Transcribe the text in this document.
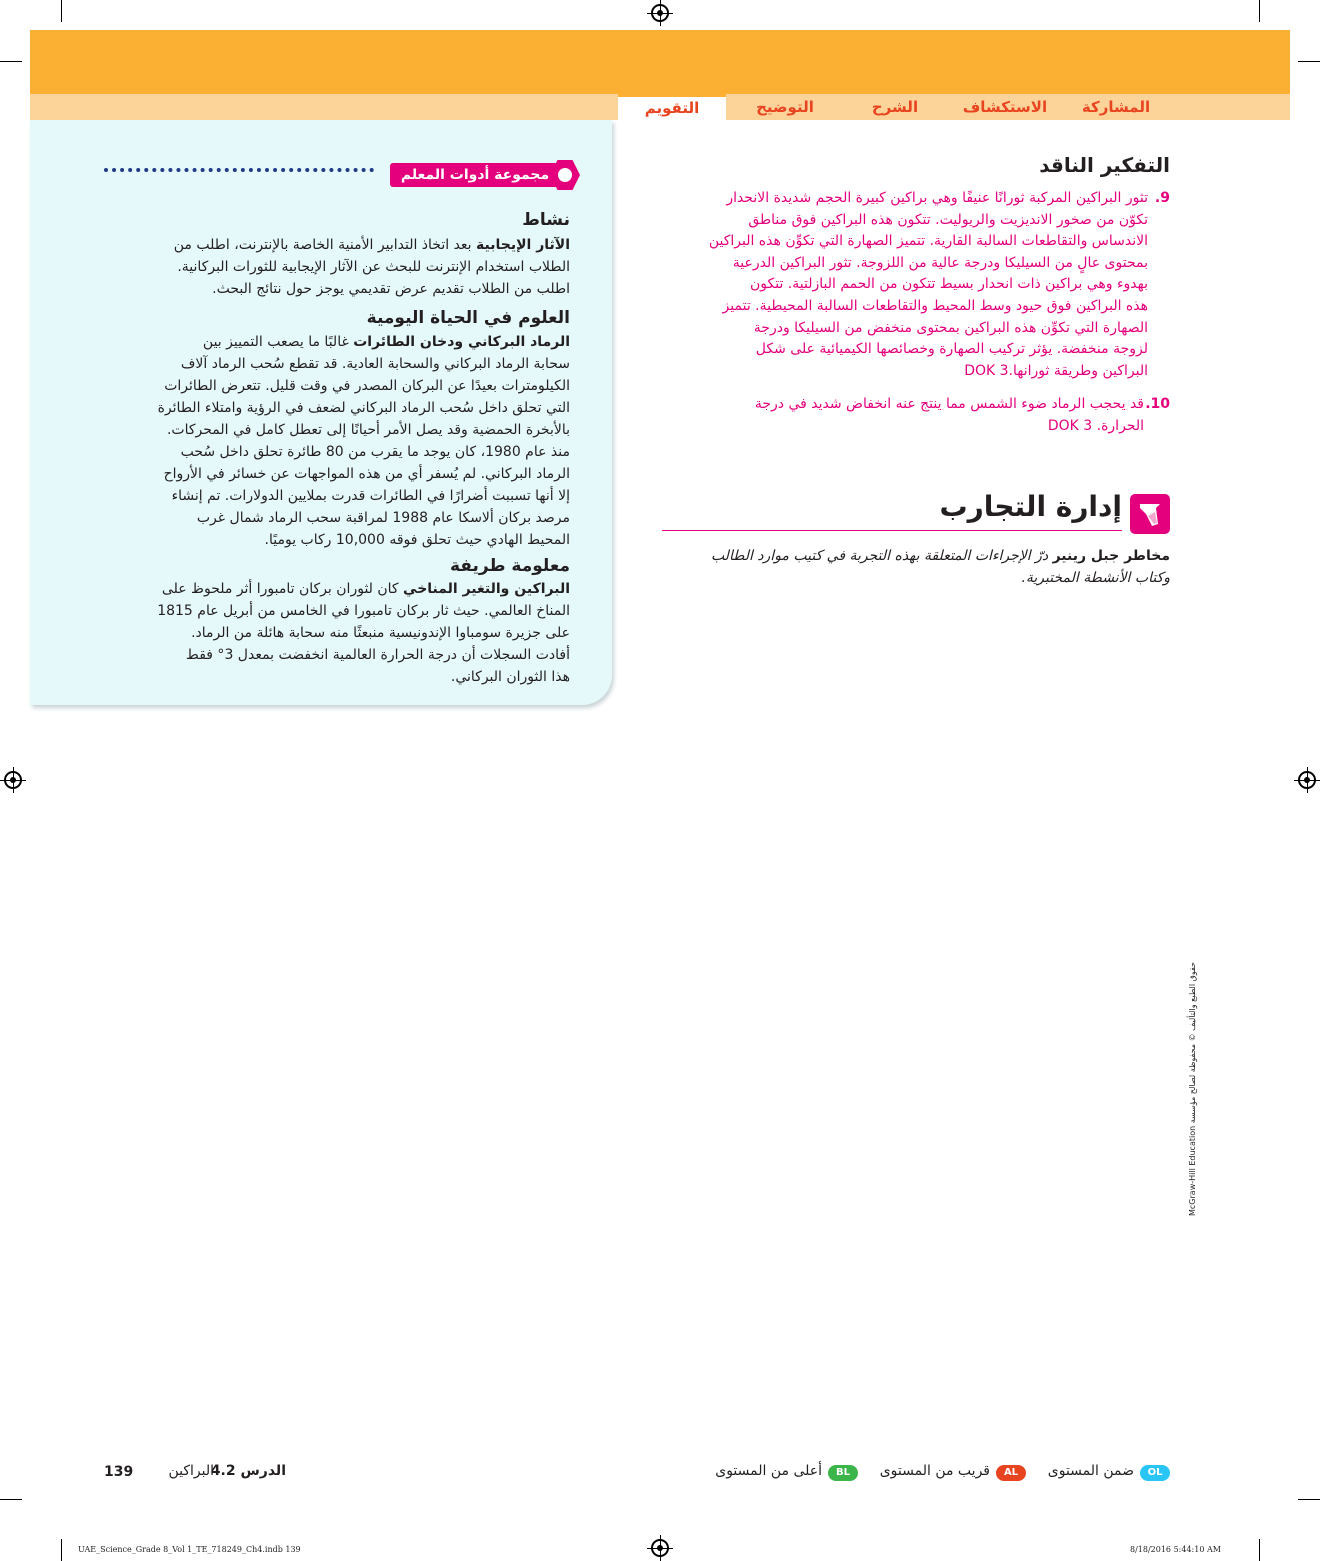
المشاركة
الاستكشاف
الشرح
التوضيح
التقويم
مجموعة أدوات المعلم
نشاط
الآثار الإيجابية بعد اتخاذ التدابير الأمنية الخاصة بالإنترنت، اطلب من
الطلاب استخدام الإنترنت للبحث عن الآثار الإيجابية للثورات البركانية.
اطلب من الطلاب تقديم عرض تقديمي يوجز حول نتائج البحث.
العلوم في الحياة اليومية
الرماد البركاني ودخان الطائرات غالبًا ما يصعب التمييز بين
سحابة الرماد البركاني والسحابة العادية. قد تقطع سُحب الرماد آلاف
الكيلومترات بعيدًا عن البركان المصدر في وقت قليل. تتعرض الطائرات
التي تحلق داخل سُحب الرماد البركاني لضعف في الرؤية وامتلاء الطائرة
بالأبخرة الحمضية وقد يصل الأمر أحيانًا إلى تعطل كامل في المحركات.
منذ عام 1980، كان يوجد ما يقرب من 80 طائرة تحلق داخل سُحب
الرماد البركاني. لم يُسفر أي من هذه المواجهات عن خسائر في الأرواح
إلا أنها تسببت أضرارًا في الطائرات قدرت بملايين الدولارات. تم إنشاء
مرصد بركان ألاسكا عام 1988 لمراقبة سحب الرماد شمال غرب
المحيط الهادي حيث تحلق فوقه 10,000 ركاب يوميًا.
معلومة طريفة
البراكين والتغير المناخي كان لثوران بركان تامبورا أثر ملحوظ على
المناخ العالمي. حيث ثار بركان تامبورا في الخامس من أبريل عام 1815
على جزيرة سومباوا الإندونيسية منبعثًا منه سحابة هائلة من الرماد.
أفادت السجلات أن درجة الحرارة العالمية انخفضت بمعدل 3° فقط
هذا الثوران البركاني.
التفكير الناقد
9.
تثور البراكين المركبة ثورانًا عنيفًا وهي براكين كبيرة الحجم شديدة الانحدار
تكوّن من صخور الانديزيت والريوليت. تتكون هذه البراكين فوق مناطق
الاندساس والتقاطعات السالبة القارية. تتميز الصهارة التي تكوِّن هذه البراكين
بمحتوى عالٍ من السيليكا ودرجة عالية من اللزوجة. تثور البراكين الدرعية
بهدوء وهي براكين ذات انحدار بسيط تتكون من الحمم البازلتية. تتكون
هذه البراكين فوق حيود وسط المحيط والتقاطعات السالبة المحيطية. تتميز
الصهارة التي تكوِّن هذه البراكين بمحتوى منخفض من السيليكا ودرجة
لزوجة منخفضة. يؤثر تركيب الصهارة وخصائصها الكيميائية على شكل
البراكين وطريقة ثورانها.DOK 3
10.
قد يحجب الرماد ضوء الشمس مما ينتج عنه انخفاض شديد في درجة
الحرارة. DOK 3
إدارة التجارب
مخاطر جبل رينير درّ الإجراءات المتعلقة بهذه التجربة في كتيب موارد الطالب
وكتاب الأنشطة المختبرية.
McGraw-Hill Education حقوق الطبع والتأليف © محفوظة لصالح مؤسسة
OL
ضمن المستوى
AL
قريب من المستوى
BL
أعلى من المستوى
البراكين
الدرس 4.2
139
UAE_Science_Grade 8_Vol 1_TE_718249_Ch4.indb 139	8/18/2016 5:44:10 AM
